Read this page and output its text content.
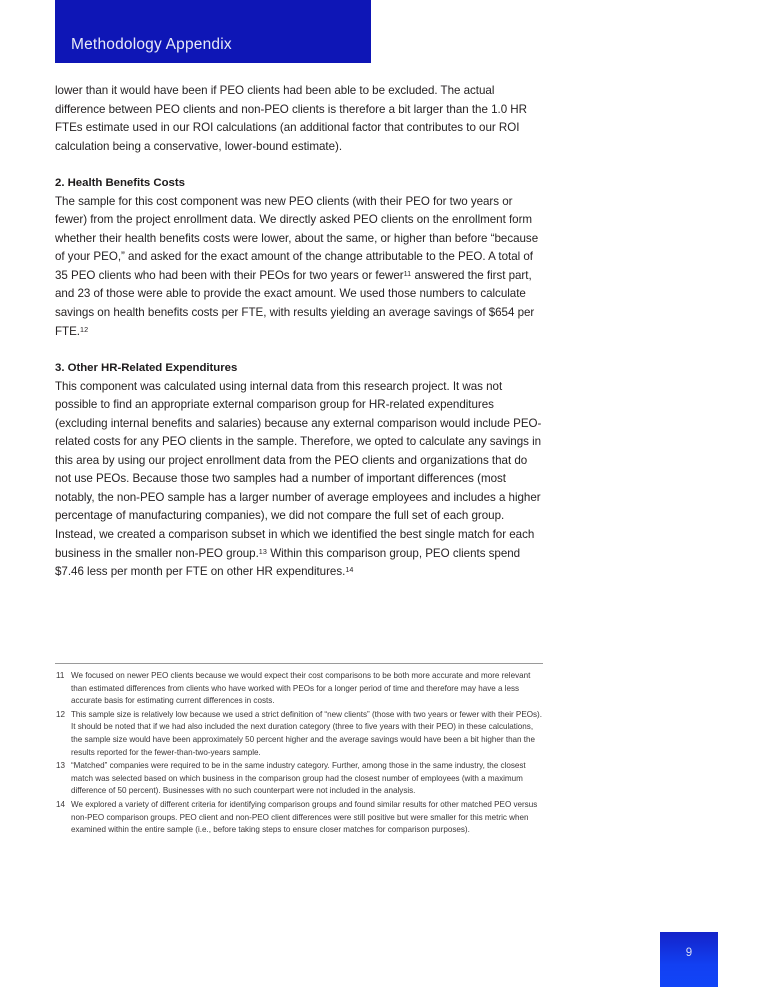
Methodology Appendix

lower than it would have been if PEO clients had been able to be excluded. The actual difference between PEO clients and non-PEO clients is therefore a bit larger than the 1.0 HR FTEs estimate used in our ROI calculations (an additional factor that contributes to our ROI calculation being a conservative, lower-bound estimate).

2. Health Benefits Costs

The sample for this cost component was new PEO clients (with their PEO for two years or fewer) from the project enrollment data. We directly asked PEO clients on the enrollment form whether their health benefits costs were lower, about the same, or higher than before “because of your PEO,” and asked for the exact amount of the change attributable to the PEO. A total of 35 PEO clients who had been with their PEOs for two years or fewer$^{11}$ answered the first part, and 23 of those were able to provide the exact amount. We used those numbers to calculate savings on health benefits costs per FTE, with results yielding an average savings of $654 per FTE.$^{12}$

3. Other HR-Related Expenditures

This component was calculated using internal data from this research project. It was not possible to find an appropriate external comparison group for HR-related expenditures (excluding internal benefits and salaries) because any external comparison would include PEO-related costs for any PEO clients in the sample. Therefore, we opted to calculate any savings in this area by using our project enrollment data from the PEO clients and organizations that do not use PEOs. Because those two samples had a number of important differences (most notably, the non-PEO sample has a larger number of average employees and includes a higher percentage of manufacturing companies), we did not compare the full set of each group. Instead, we created a comparison subset in which we identified the best single match for each business in the smaller non-PEO group.$^{13}$ Within this comparison group, PEO clients spend $7.46 less per month per FTE on other HR expenditures.$^{14}$

11 We focused on newer PEO clients because we would expect their cost comparisons to be both more accurate and more relevant than estimated differences from clients who have worked with PEOs for a longer period of time and therefore may have a less accurate basis for estimating current differences in costs.
12 This sample size is relatively low because we used a strict definition of “new clients” (those with two years or fewer with their PEOs). It should be noted that if we had also included the next duration category (three to five years with their PEO) in these calculations, the sample size would have been approximately 50 percent higher and the average savings would have been a bit higher than the results reported for the fewer-than-two-years sample.
13 “Matched” companies were required to be in the same industry category. Further, among those in the same industry, the closest match was selected based on which business in the comparison group had the closest number of employees (with a maximum difference of 50 percent). Businesses with no such counterpart were not included in the analysis.
14 We explored a variety of different criteria for identifying comparison groups and found similar results for other matched PEO versus non-PEO comparison groups. PEO client and non-PEO client differences were still positive but were smaller for this metric when examined within the entire sample (i.e., before taking steps to ensure closer matches for comparison purposes).
9
